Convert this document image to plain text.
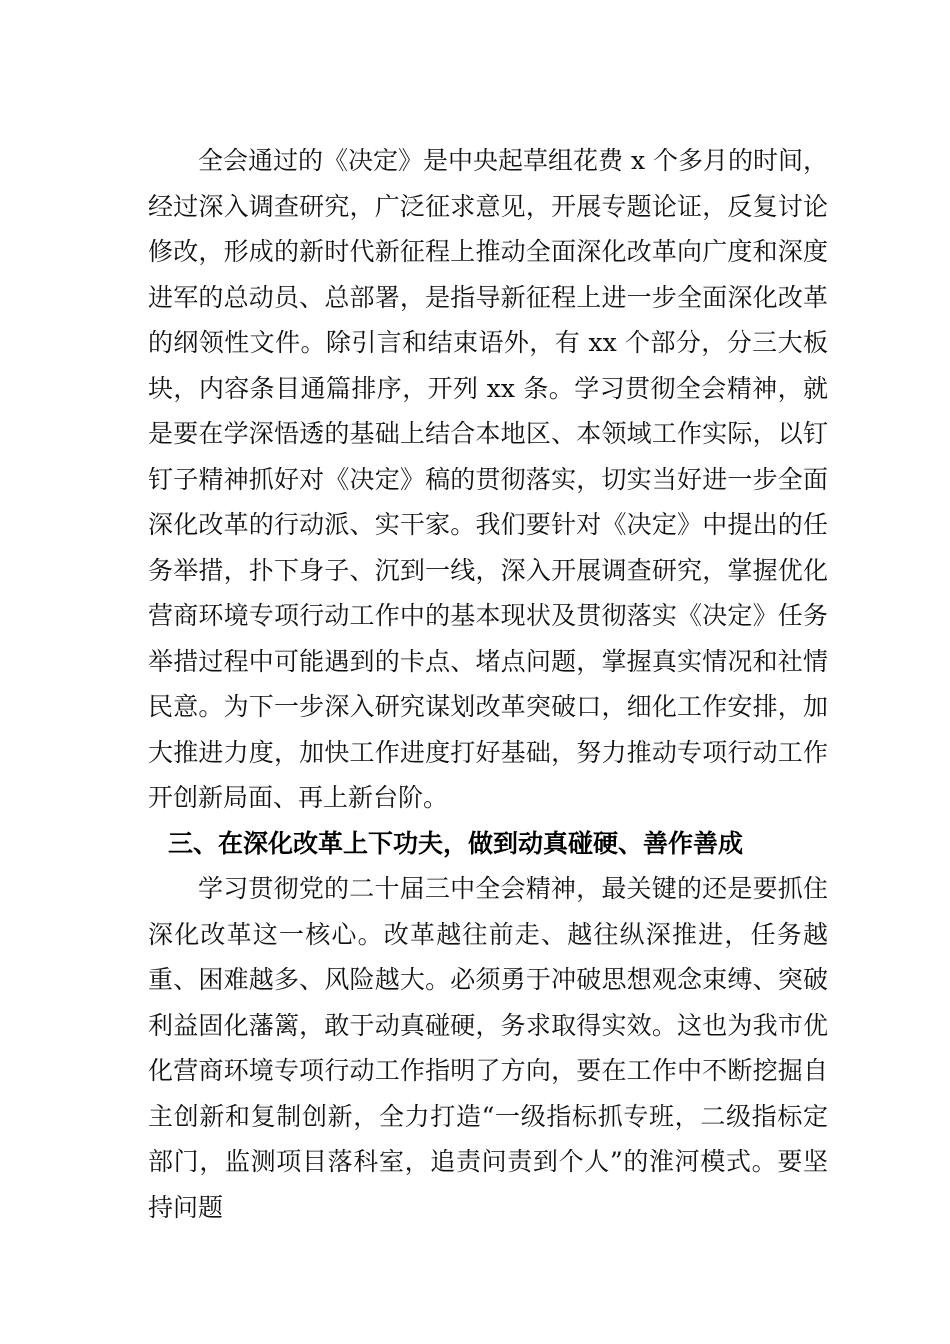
全会通过的《决定》是中央起草组花费 x 个多月的时间，经过深入调查研究，广泛征求意见，开展专题论证，反复讨论修改，形成的新时代新征程上推动全面深化改革向广度和深度进军的总动员、总部署，是指导新征程上进一步全面深化改革的纲领性文件。除引言和结束语外，有 xx 个部分，分三大板块，内容条目通篇排序，开列 xx 条。学习贯彻全会精神，就是要在学深悟透的基础上结合本地区、本领域工作实际，以钉钉子精神抓好对《决定》稿的贯彻落实，切实当好进一步全面深化改革的行动派、实干家。我们要针对《决定》中提出的任务举措，扑下身子、沉到一线，深入开展调查研究，掌握优化营商环境专项行动工作中的基本现状及贯彻落实《决定》任务举措过程中可能遇到的卡点、堵点问题，掌握真实情况和社情民意。为下一步深入研究谋划改革突破口，细化工作安排，加大推进力度，加快工作进度打好基础，努力推动专项行动工作开创新局面、再上新台阶。

三、在深化改革上下功夫，做到动真碰硬、善作善成

学习贯彻党的二十届三中全会精神，最关键的还是要抓住深化改革这一核心。改革越往前走、越往纵深推进，任务越重、困难越多、风险越大。必须勇于冲破思想观念束缚、突破利益固化藩篱，敢于动真碰硬，务求取得实效。这也为我市优化营商环境专项行动工作指明了方向，要在工作中不断挖掘自主创新和复制创新，全力打造“一级指标抓专班，二级指标定部门，监测项目落科室，追责问责到个人”的淮河模式。要坚持问题
